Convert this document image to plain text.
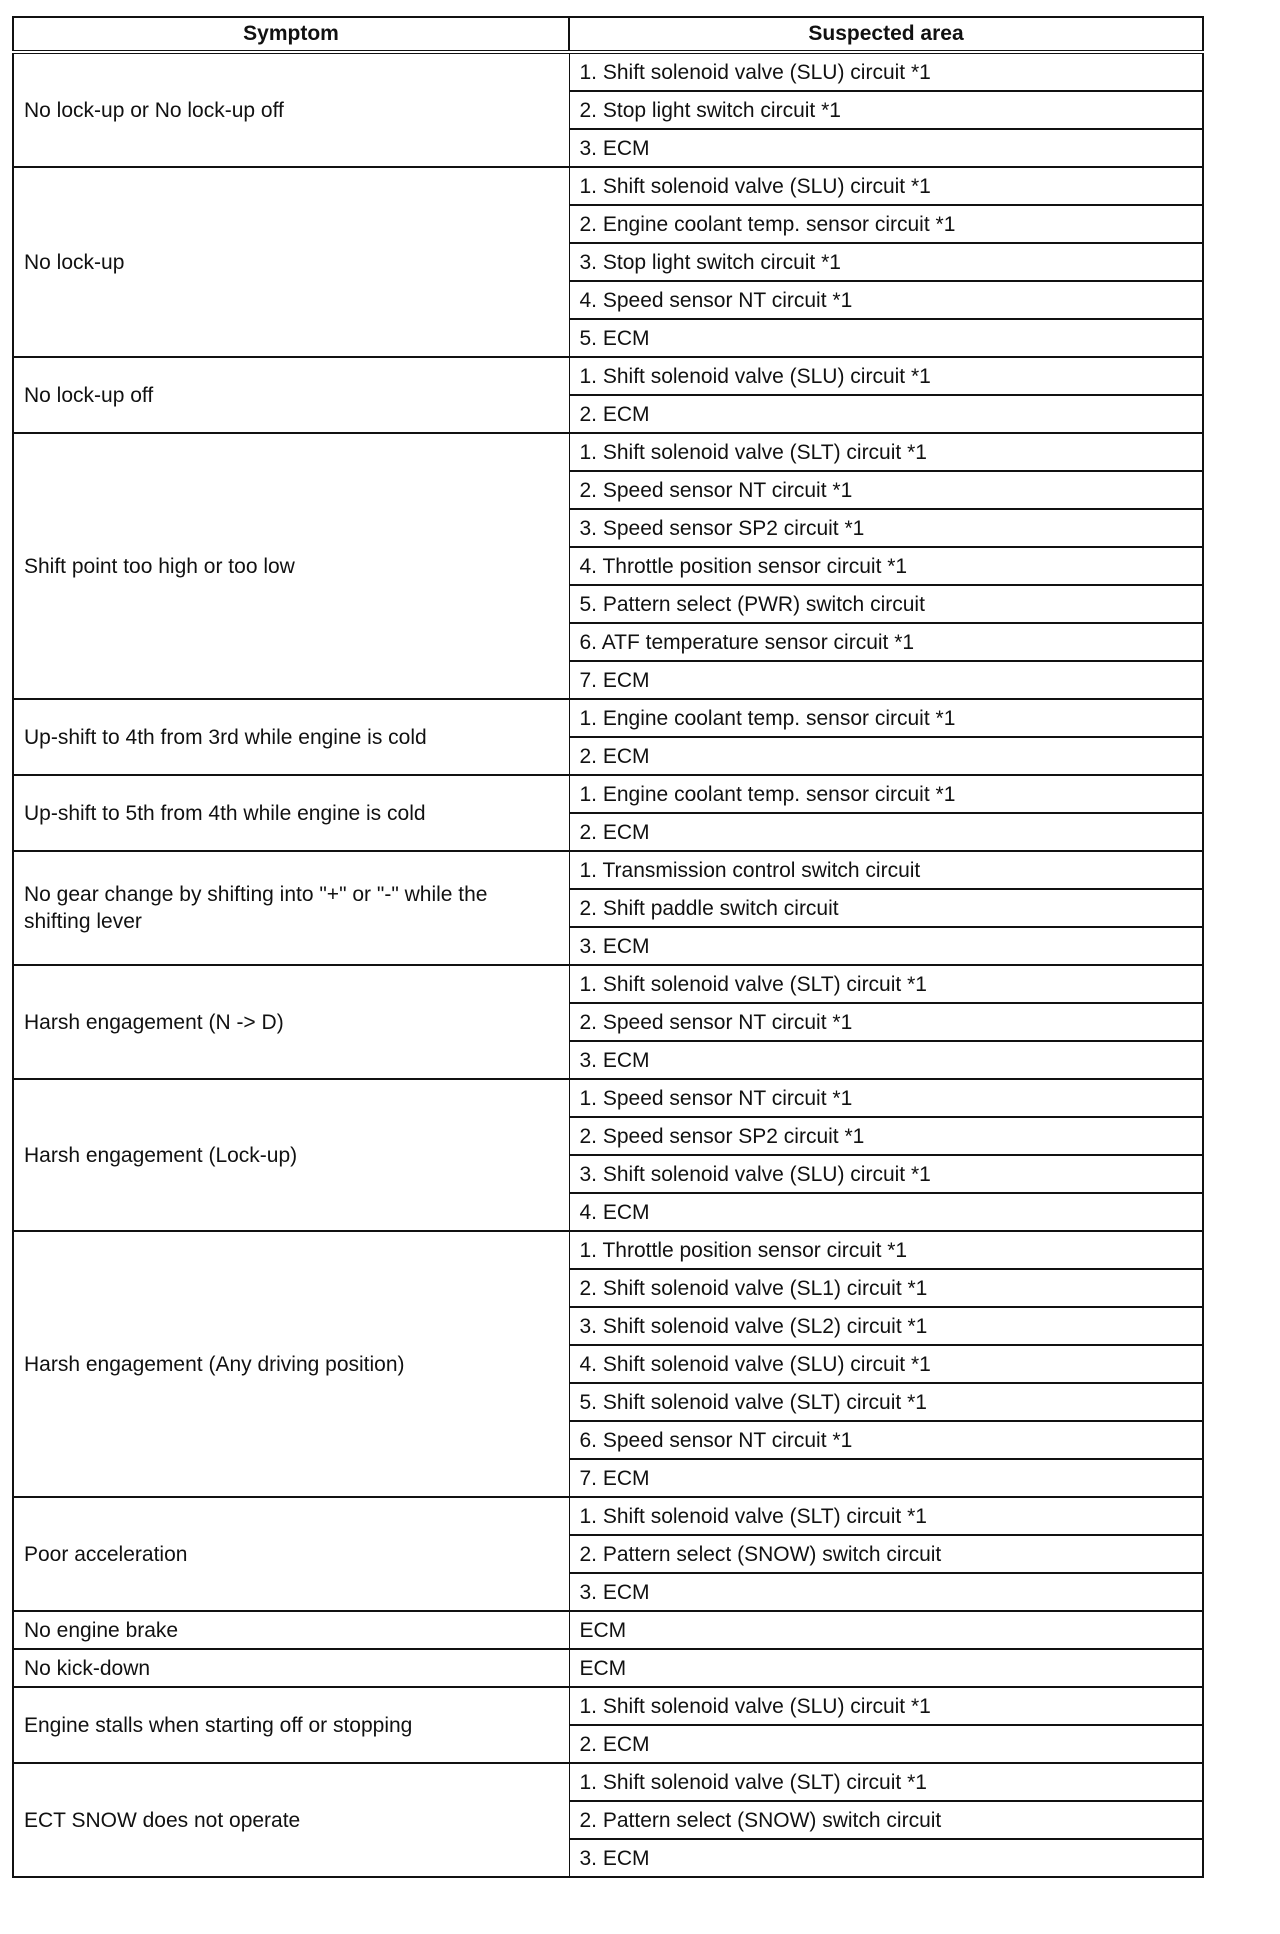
Symptom	Suspected area
No lock-up or No lock-up off	1. Shift solenoid valve (SLU) circuit *1
	2. Stop light switch circuit *1
	3. ECM
No lock-up	1. Shift solenoid valve (SLU) circuit *1
	2. Engine coolant temp. sensor circuit *1
	3. Stop light switch circuit *1
	4. Speed sensor NT circuit *1
	5. ECM
No lock-up off	1. Shift solenoid valve (SLU) circuit *1
	2. ECM
Shift point too high or too low	1. Shift solenoid valve (SLT) circuit *1
	2. Speed sensor NT circuit *1
	3. Speed sensor SP2 circuit *1
	4. Throttle position sensor circuit *1
	5. Pattern select (PWR) switch circuit
	6. ATF temperature sensor circuit *1
	7. ECM
Up-shift to 4th from 3rd while engine is cold	1. Engine coolant temp. sensor circuit *1
	2. ECM
Up-shift to 5th from 4th while engine is cold	1. Engine coolant temp. sensor circuit *1
	2. ECM
No gear change by shifting into "+" or "-" while the shifting lever	1. Transmission control switch circuit
	2. Shift paddle switch circuit
	3. ECM
Harsh engagement (N -> D)	1. Shift solenoid valve (SLT) circuit *1
	2. Speed sensor NT circuit *1
	3. ECM
Harsh engagement (Lock-up)	1. Speed sensor NT circuit *1
	2. Speed sensor SP2 circuit *1
	3. Shift solenoid valve (SLU) circuit *1
	4. ECM
Harsh engagement (Any driving position)	1. Throttle position sensor circuit *1
	2. Shift solenoid valve (SL1) circuit *1
	3. Shift solenoid valve (SL2) circuit *1
	4. Shift solenoid valve (SLU) circuit *1
	5. Shift solenoid valve (SLT) circuit *1
	6. Speed sensor NT circuit *1
	7. ECM
Poor acceleration	1. Shift solenoid valve (SLT) circuit *1
	2. Pattern select (SNOW) switch circuit
	3. ECM
No engine brake	ECM
No kick-down	ECM
Engine stalls when starting off or stopping	1. Shift solenoid valve (SLU) circuit *1
	2. ECM
ECT SNOW does not operate	1. Shift solenoid valve (SLT) circuit *1
	2. Pattern select (SNOW) switch circuit
	3. ECM
